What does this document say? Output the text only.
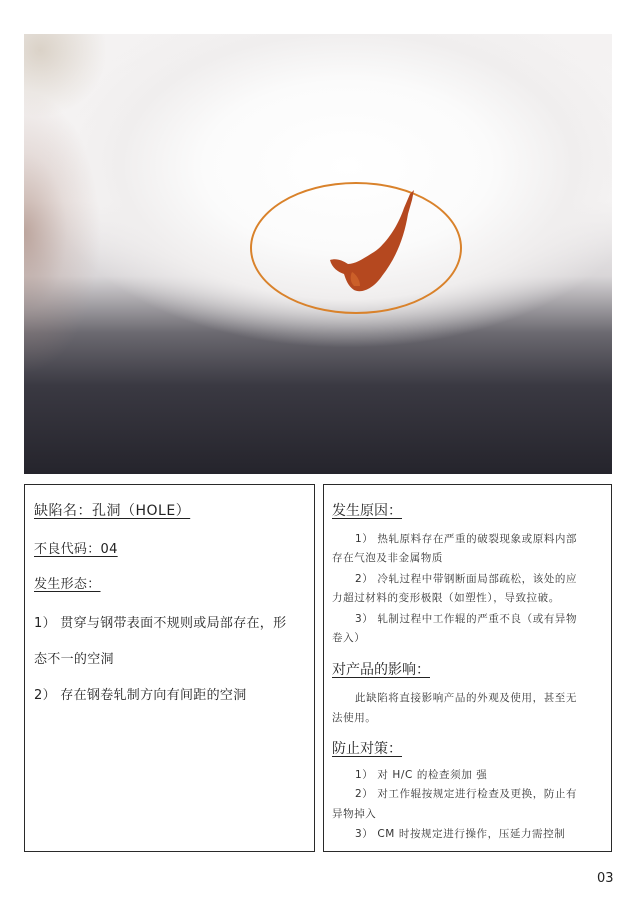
缺陷名：孔洞（HOLE）
不良代码：04
发生形态：
1） 贯穿与钢带表面不规则或局部存在，形
态不一的空洞
2） 存在钢卷轧制方向有间距的空洞
发生原因：
1） 热轧原料存在严重的破裂现象或原料内部
存在气泡及非金属物质
2） 冷轧过程中带钢断面局部疏松，该处的应
力超过材料的变形极限（如塑性），导致拉破。
3） 轧制过程中工作辊的严重不良（或有异物
卷入）
对产品的影响：
此缺陷将直接影响产品的外观及使用，甚至无
法使用。
防止对策：
1） 对 H/C 的检查须加 强
2） 对工作辊按规定进行检查及更换，防止有
异物掉入
3） CM 时按规定进行操作，压延力需控制
03
